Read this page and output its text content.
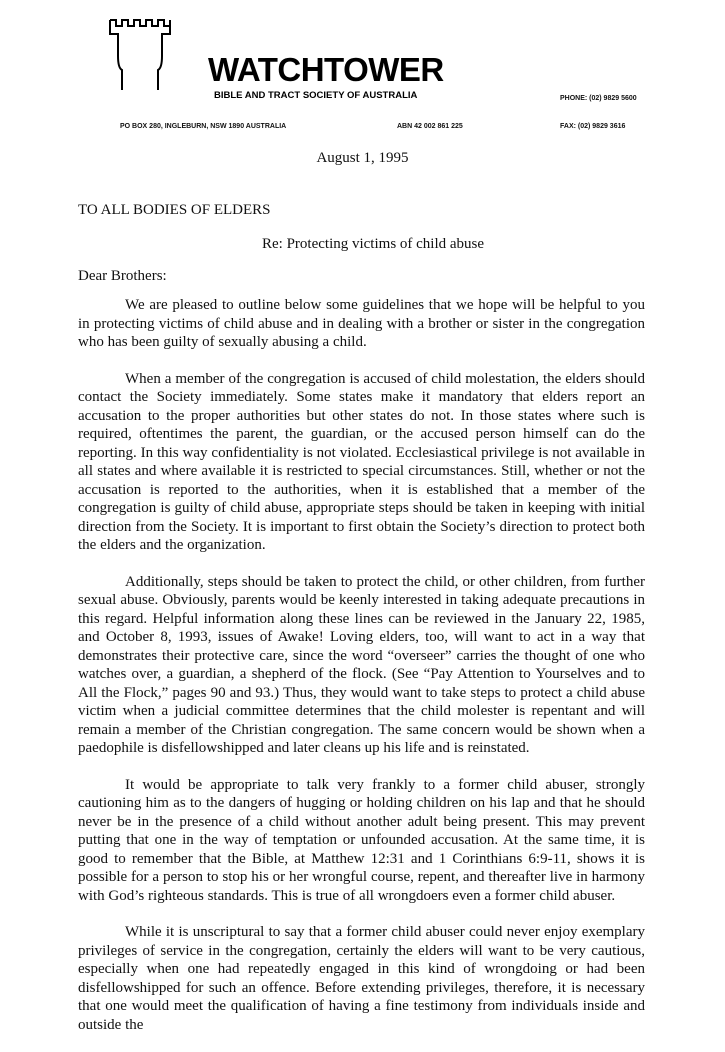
WATCHTOWER
BIBLE AND TRACT SOCIETY OF AUSTRALIA	PHONE: (02) 9829 5600
PO BOX 280, INGLEBURN, NSW 1890 AUSTRALIA	ABN 42 002 861 225	FAX: (02) 9829 3616
August 1, 1995
TO ALL BODIES OF ELDERS
Re: Protecting victims of child abuse
Dear Brothers:

We are pleased to outline below some guidelines that we hope will be helpful to you in protecting victims of child abuse and in dealing with a brother or sister in the congregation who has been guilty of sexually abusing a child.

When a member of the congregation is accused of child molestation, the elders should contact the Society immediately. Some states make it mandatory that elders report an accusation to the proper authorities but other states do not. In those states where such is required, oftentimes the parent, the guardian, or the accused person himself can do the reporting. In this way confidentiality is not violated. Ecclesiastical privilege is not available in all states and where available it is restricted to special circumstances. Still, whether or not the accusation is reported to the authorities, when it is established that a member of the congregation is guilty of child abuse, appropriate steps should be taken in keeping with initial direction from the Society. It is important to first obtain the Society’s direction to protect both the elders and the organization.

Additionally, steps should be taken to protect the child, or other children, from further sexual abuse. Obviously, parents would be keenly interested in taking adequate precautions in this regard. Helpful information along these lines can be reviewed in the January 22, 1985, and October 8, 1993, issues of Awake! Loving elders, too, will want to act in a way that demonstrates their protective care, since the word “overseer” carries the thought of one who watches over, a guardian, a shepherd of the flock. (See “Pay Attention to Yourselves and to All the Flock,” pages 90 and 93.) Thus, they would want to take steps to protect a child abuse victim when a judicial committee determines that the child molester is repentant and will remain a member of the Christian congregation. The same concern would be shown when a paedophile is disfellowshipped and later cleans up his life and is reinstated.

It would be appropriate to talk very frankly to a former child abuser, strongly cautioning him as to the dangers of hugging or holding children on his lap and that he should never be in the presence of a child without another adult being present. This may prevent putting that one in the way of temptation or unfounded accusation. At the same time, it is good to remember that the Bible, at Matthew 12:31 and 1 Corinthians 6:9-11, shows it is possible for a person to stop his or her wrongful course, repent, and thereafter live in harmony with God’s righteous standards. This is true of all wrongdoers even a former child abuser.

While it is unscriptural to say that a former child abuser could never enjoy exemplary privileges of service in the congregation, certainly the elders will want to be very cautious, especially when one had repeatedly engaged in this kind of wrongdoing or had been disfellowshipped for such an offence. Before extending privileges, therefore, it is necessary that one would meet the qualification of having a fine testimony from individuals inside and outside the
